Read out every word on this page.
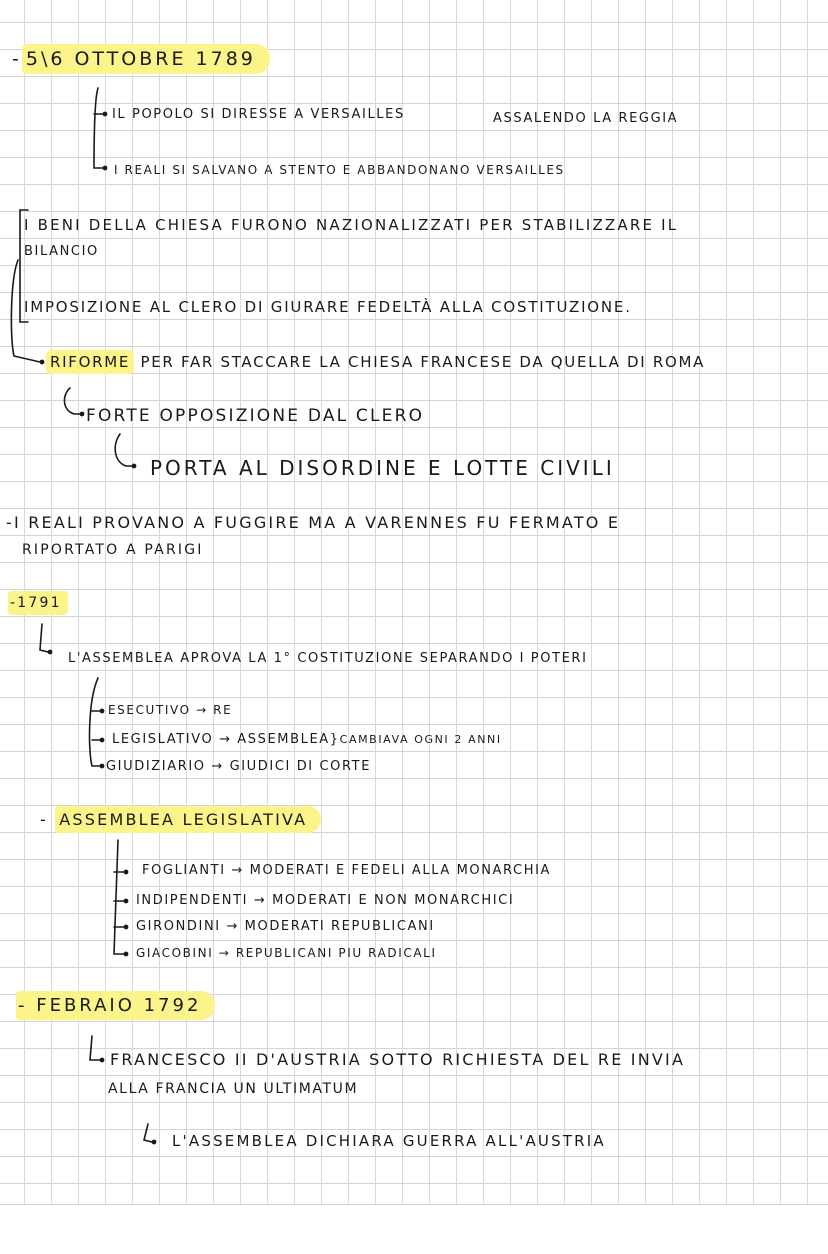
- 5\6 OTTOBRE 1789
IL POPOLO SI DIRESSE A VERSAILLES	ASSALENDO LA REGGIA
I REALI SI SALVANO A STENTO E ABBANDONANO VERSAILLES
I BENI DELLA CHIESA FURONO NAZIONALIZZATI PER STABILIZZARE IL
BILANCIO
IMPOSIZIONE AL CLERO DI GIURARE FEDELTÀ ALLA COSTITUZIONE.
RIFORME PER FAR STACCARE LA CHIESA FRANCESE DA QUELLA DI ROMA
FORTE OPPOSIZIONE DAL CLERO
PORTA AL DISORDINE E LOTTE CIVILI
-I REALI PROVANO A FUGGIRE MA A VARENNES FU FERMATO E
RIPORTATO A PARIGI
-1791
L'ASSEMBLEA APROVA LA 1° COSTITUZIONE SEPARANDO I POTERI
ESECUTIVO → RE
LEGISLATIVO → ASSEMBLEA}CAMBIAVA OGNI 2 ANNI
GIUDIZIARIO → GIUDICI DI CORTE
- ASSEMBLEA LEGISLATIVA
FOGLIANTI → MODERATI E FEDELI ALLA MONARCHIA
INDIPENDENTI → MODERATI E NON MONARCHICI
GIRONDINI → MODERATI REPUBLICANI
GIACOBINI → REPUBLICANI PIU RADICALI
- FEBRAIO 1792
FRANCESCO II D'AUSTRIA SOTTO RICHIESTA DEL RE INVIA
ALLA FRANCIA UN ULTIMATUM
L'ASSEMBLEA DICHIARA GUERRA ALL'AUSTRIA
